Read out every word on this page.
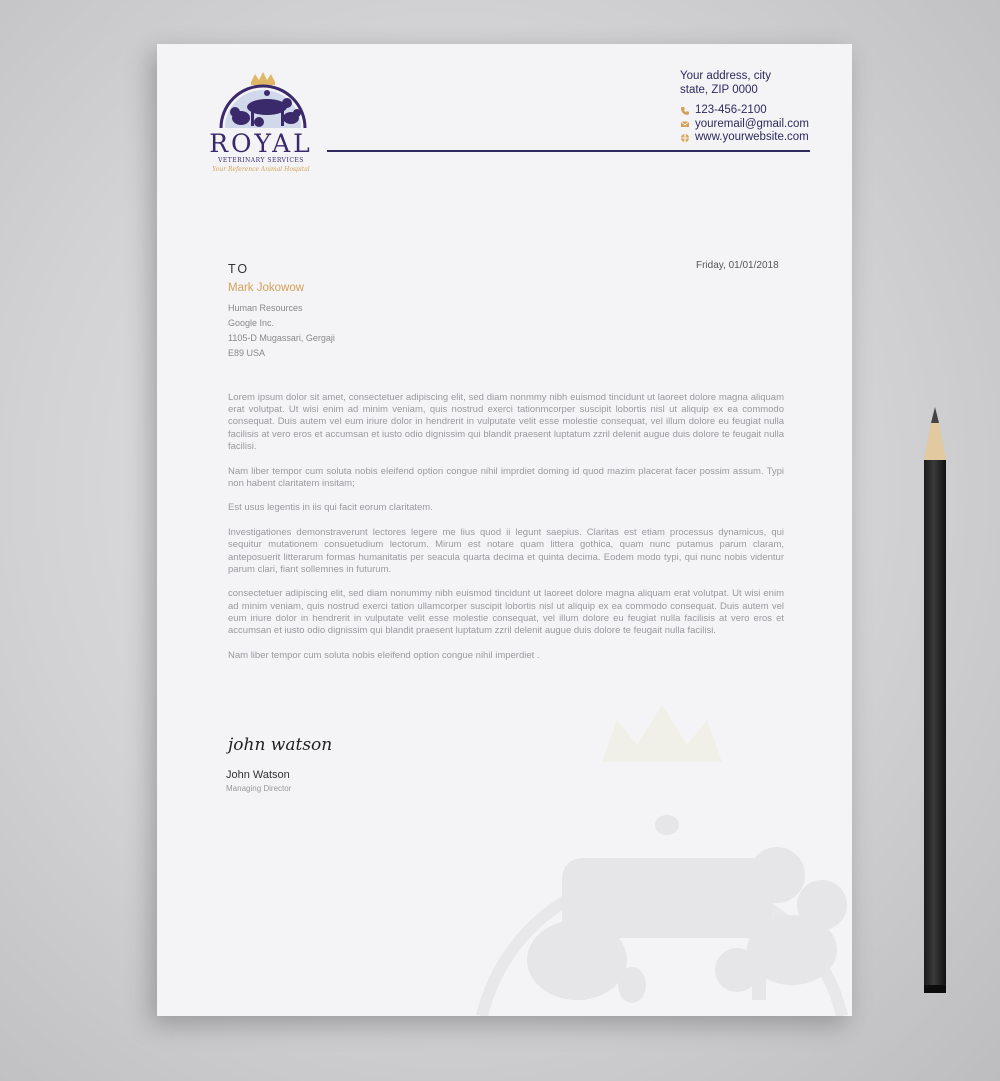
ROYAL
VETERINARY SERVICES
Your Reference Animal Hospital
Your address, city
state, ZIP 0000
123-456-2100
youremail@gmail.com
www.yourwebsite.com
TO	Friday, 01/01/2018
Mark Jokowow
Human Resources
Google Inc.
1105-D Mugassari, Gergaji
E89 USA

Lorem ipsum dolor sit amet, consectetuer adipiscing elit, sed diam nonmmy nibh euismod tincidunt ut laoreet dolore magna aliquam erat volutpat. Ut wisi enim ad minim veniam, quis nostrud exerci tationmcorper suscipit lobortis nisl ut aliquip ex ea commodo consequat. Duis autem vel eum iriure dolor in hendrerit in vulputate velit esse molestie consequat, vel illum dolore eu feugiat nulla facilisis at vero eros et accumsan et iusto odio dignissim qui blandit praesent luptatum zzril delenit augue duis dolore te feugait nulla facilisi.

Nam liber tempor cum soluta nobis eleifend option congue nihil imprdiet doming id quod mazim placerat facer possim assum. Typi non habent claritatem insitam;

Est usus legentis in iis qui facit eorum claritatem.

Investigationes demonstraverunt lectores legere me lius quod ii legunt saepius. Claritas est etiam processus dynamicus, qui sequitur mutationem consuetudium lectorum. Mirum est notare quam littera gothica, quam nunc putamus parum claram, anteposuerit litterarum formas humanitatis per seacula quarta decima et quinta decima. Eodem modo typi, qui nunc nobis videntur parum clari, fiant sollemnes in futurum.

consectetuer adipiscing elit, sed diam nonummy nibh euismod tincidunt ut laoreet dolore magna aliquam erat volutpat. Ut wisi enim ad minim veniam, quis nostrud exerci tation ullamcorper suscipit lobortis nisl ut aliquip ex ea commodo consequat. Duis autem vel eum iriure dolor in hendrerit in vulputate velit esse molestie consequat, vel illum dolore eu feugiat nulla facilisis at vero eros et accumsan et iusto odio dignissim qui blandit praesent luptatum zzril delenit augue duis dolore te feugait nulla facilisi.

Nam liber tempor cum soluta nobis eleifend option congue nihil imperdiet .

john watson
John Watson
Managing Director
